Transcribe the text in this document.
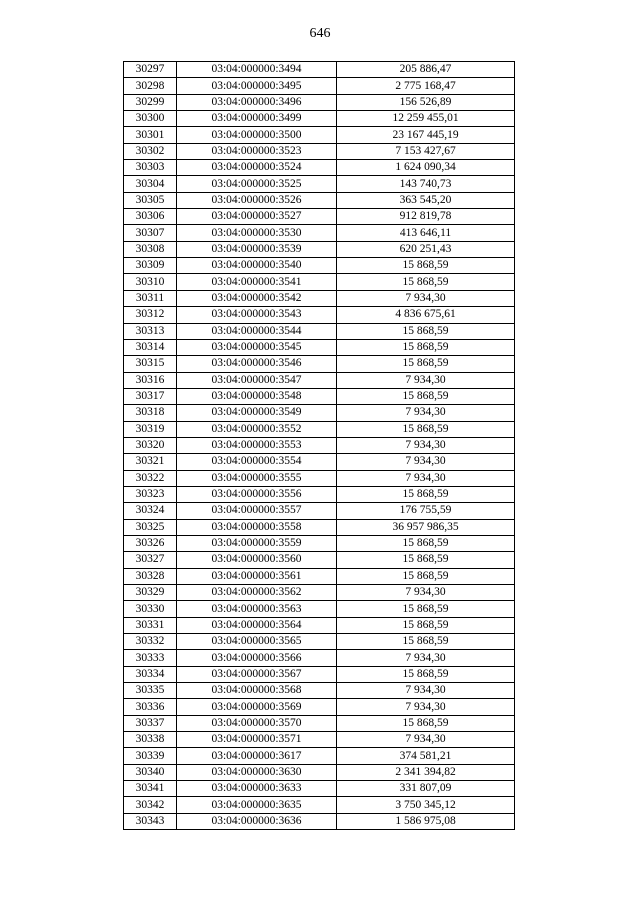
646
30297	03:04:000000:3494	205 886,47
30298	03:04:000000:3495	2 775 168,47
30299	03:04:000000:3496	156 526,89
30300	03:04:000000:3499	12 259 455,01
30301	03:04:000000:3500	23 167 445,19
30302	03:04:000000:3523	7 153 427,67
30303	03:04:000000:3524	1 624 090,34
30304	03:04:000000:3525	143 740,73
30305	03:04:000000:3526	363 545,20
30306	03:04:000000:3527	912 819,78
30307	03:04:000000:3530	413 646,11
30308	03:04:000000:3539	620 251,43
30309	03:04:000000:3540	15 868,59
30310	03:04:000000:3541	15 868,59
30311	03:04:000000:3542	7 934,30
30312	03:04:000000:3543	4 836 675,61
30313	03:04:000000:3544	15 868,59
30314	03:04:000000:3545	15 868,59
30315	03:04:000000:3546	15 868,59
30316	03:04:000000:3547	7 934,30
30317	03:04:000000:3548	15 868,59
30318	03:04:000000:3549	7 934,30
30319	03:04:000000:3552	15 868,59
30320	03:04:000000:3553	7 934,30
30321	03:04:000000:3554	7 934,30
30322	03:04:000000:3555	7 934,30
30323	03:04:000000:3556	15 868,59
30324	03:04:000000:3557	176 755,59
30325	03:04:000000:3558	36 957 986,35
30326	03:04:000000:3559	15 868,59
30327	03:04:000000:3560	15 868,59
30328	03:04:000000:3561	15 868,59
30329	03:04:000000:3562	7 934,30
30330	03:04:000000:3563	15 868,59
30331	03:04:000000:3564	15 868,59
30332	03:04:000000:3565	15 868,59
30333	03:04:000000:3566	7 934,30
30334	03:04:000000:3567	15 868,59
30335	03:04:000000:3568	7 934,30
30336	03:04:000000:3569	7 934,30
30337	03:04:000000:3570	15 868,59
30338	03:04:000000:3571	7 934,30
30339	03:04:000000:3617	374 581,21
30340	03:04:000000:3630	2 341 394,82
30341	03:04:000000:3633	331 807,09
30342	03:04:000000:3635	3 750 345,12
30343	03:04:000000:3636	1 586 975,08
